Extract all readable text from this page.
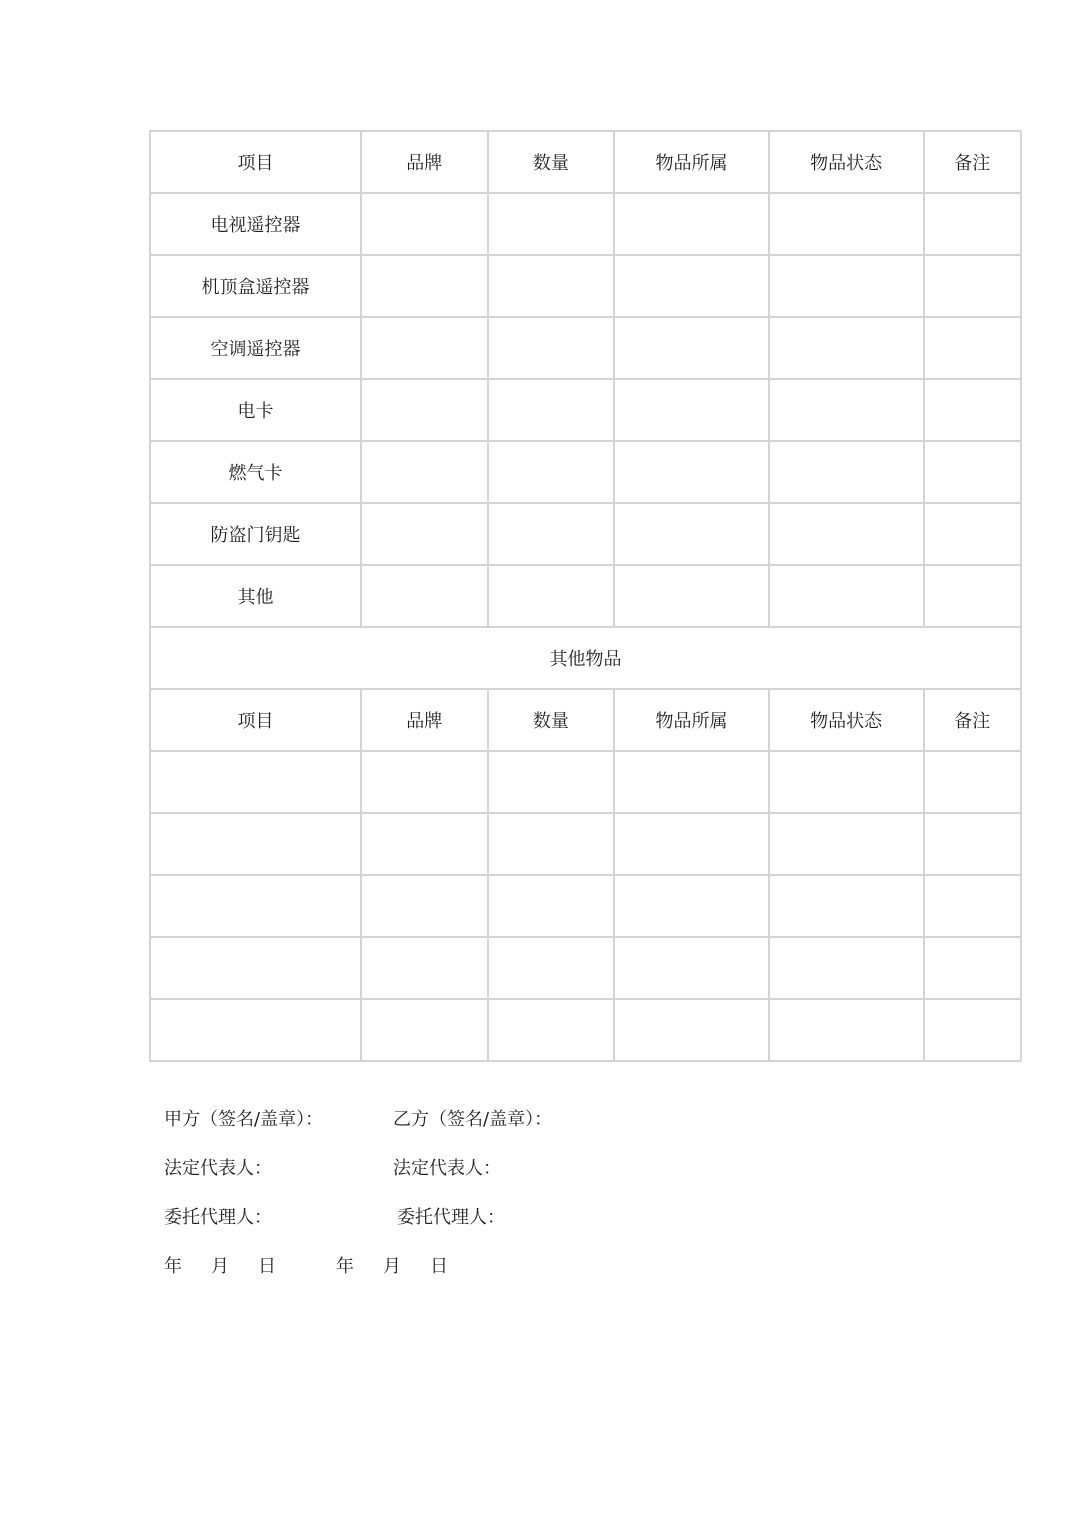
项目	品牌	数量	物品所属	物品状态	备注
电视遥控器					
机顶盒遥控器					
空调遥控器					
电卡					
燃气卡					
防盗门钥匙					
其他					
其他物品					
项目	品牌	数量	物品所属	物品状态	备注

甲方（签名/盖章）：	乙方（签名/盖章）：
法定代表人：	法定代表人：
委托代理人：	委托代理人：
年 月 日	年 月 日
